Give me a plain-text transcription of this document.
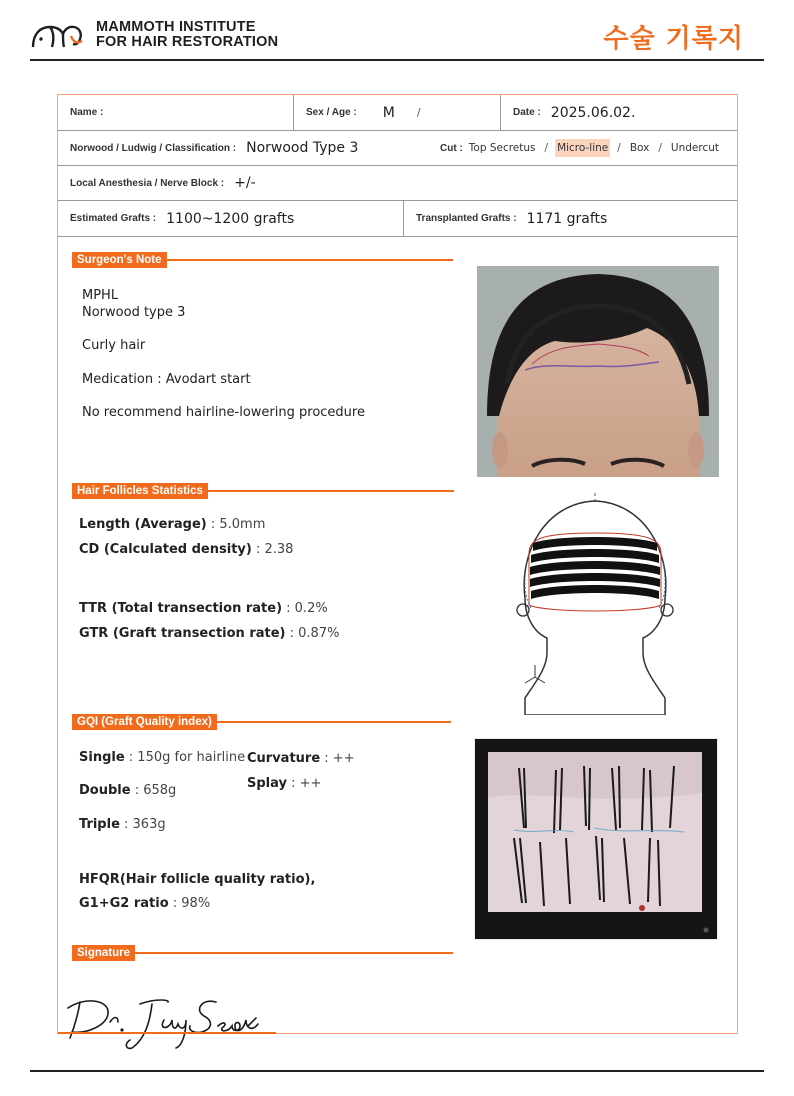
MAMMOTH INSTITUTE
FOR HAIR RESTORATION	수술 기록지
Name :	Sex / Age : M /	Date : 2025.06.02.
Norwood / Ludwig / Classification : Norwood Type 3	Cut : Top Secretus / Micro-line / Box / Undercut
Local Anesthesia / Nerve Block : +/-
Estimated Grafts : 1100~1200 grafts	Transplanted Grafts : 1171 grafts
Surgeon's Note
MPHL
Norwood type 3
Curly hair
Medication : Avodart start
No recommend hairline-lowering procedure
Hair Follicles Statistics
Length (Average) : 5.0mm
CD (Calculated density) : 2.38
TTR (Total transection rate) : 0.2%
GTR (Graft transection rate) : 0.87%
GQI (Graft Quality index)
Single : 150g for hairline Curvature : ++
Splay : ++
Double : 658g
Triple : 363g
HFQR(Hair follicle quality ratio),
G1+G2 ratio : 98%
Signature
